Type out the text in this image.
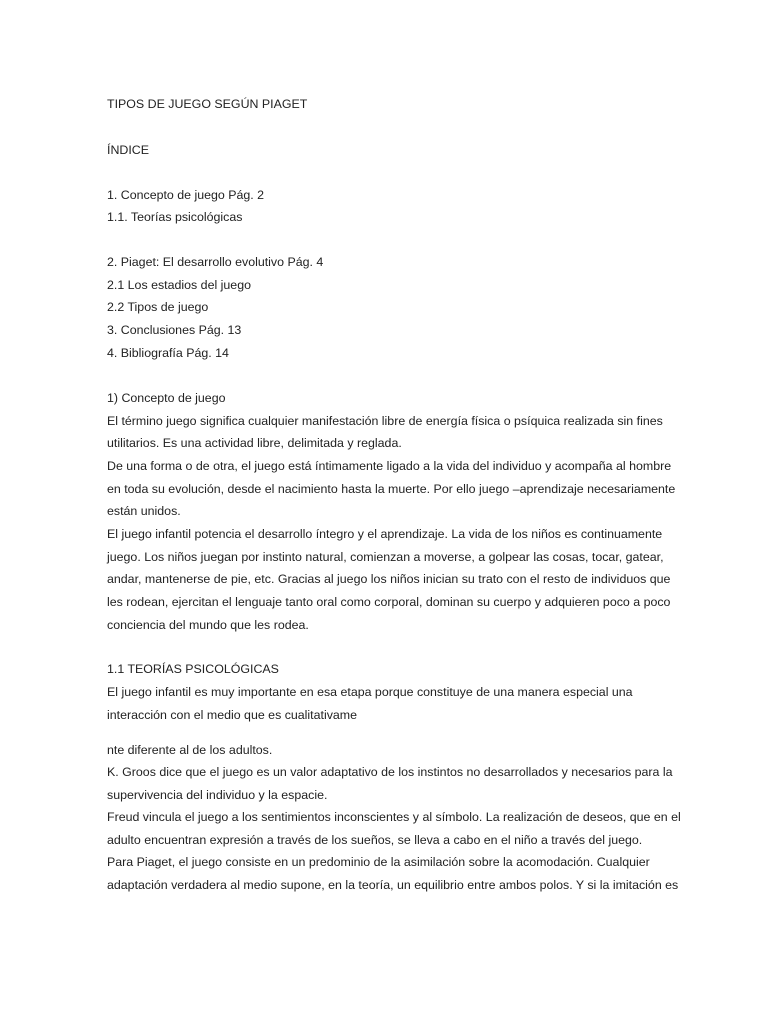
TIPOS DE JUEGO SEGÚN PIAGET
ÍNDICE
1. Concepto de juego Pág. 2
1.1. Teorías psicológicas
2. Piaget: El desarrollo evolutivo Pág. 4
2.1 Los estadios del juego
2.2 Tipos de juego
3. Conclusiones Pág. 13
4. Bibliografía Pág. 14
1) Concepto de juego
El término juego significa cualquier manifestación libre de energía física o psíquica realizada sin fines
utilitarios. Es una actividad libre, delimitada y reglada.
De una forma o de otra, el juego está íntimamente ligado a la vida del individuo y acompaña al hombre
en toda su evolución, desde el nacimiento hasta la muerte. Por ello juego –aprendizaje necesariamente
están unidos.
El juego infantil potencia el desarrollo íntegro y el aprendizaje. La vida de los niños es continuamente
juego. Los niños juegan por instinto natural, comienzan a moverse, a golpear las cosas, tocar, gatear,
andar, mantenerse de pie, etc. Gracias al juego los niños inician su trato con el resto de individuos que
les rodean, ejercitan el lenguaje tanto oral como corporal, dominan su cuerpo y adquieren poco a poco
conciencia del mundo que les rodea.
1.1 TEORÍAS PSICOLÓGICAS
El juego infantil es muy importante en esa etapa porque constituye de una manera especial una
interacción con el medio que es cualitativame
nte diferente al de los adultos.
K. Groos dice que el juego es un valor adaptativo de los instintos no desarrollados y necesarios para la
supervivencia del individuo y la espacie.
Freud vincula el juego a los sentimientos inconscientes y al símbolo. La realización de deseos, que en el
adulto encuentran expresión a través de los sueños, se lleva a cabo en el niño a través del juego.
Para Piaget, el juego consiste en un predominio de la asimilación sobre la acomodación. Cualquier
adaptación verdadera al medio supone, en la teoría, un equilibrio entre ambos polos. Y si la imitación es
